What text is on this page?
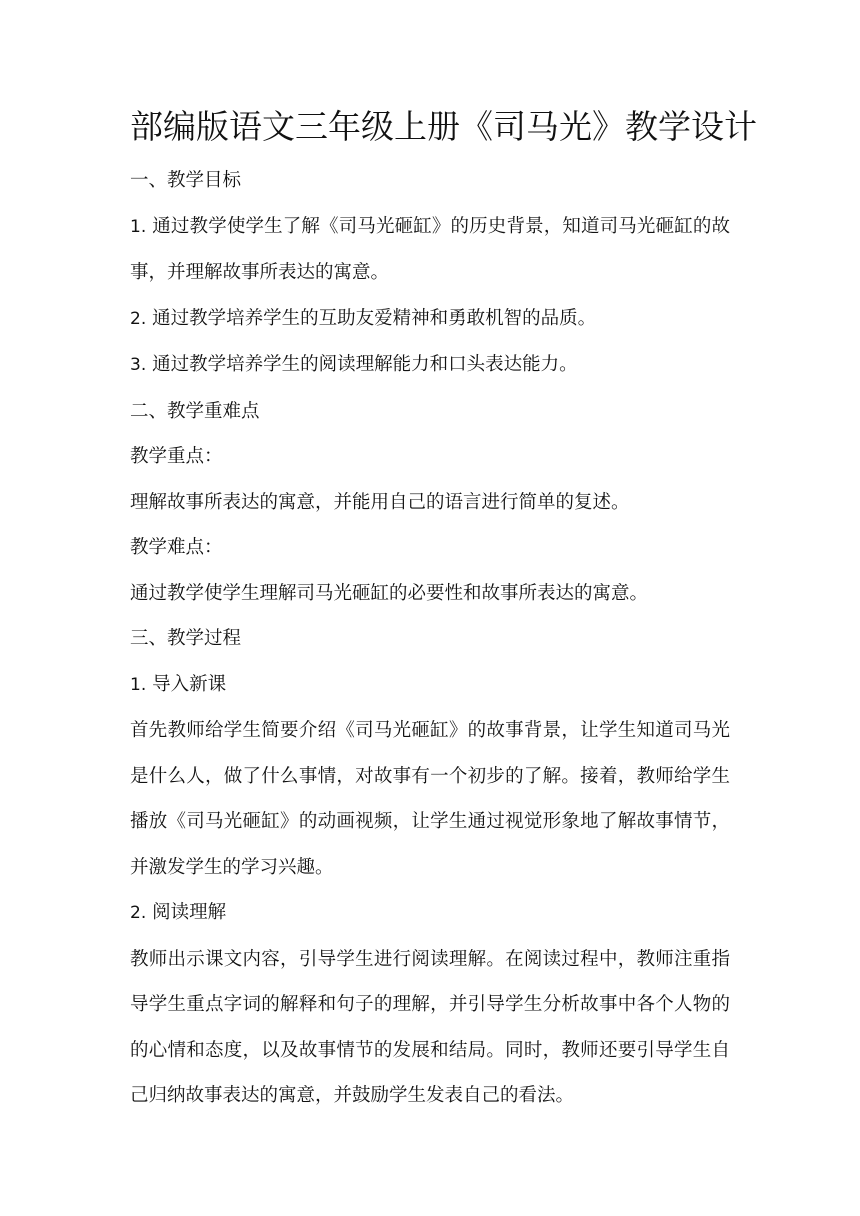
部编版语文三年级上册《司马光》教学设计

一、教学目标

1. 通过教学使学生了解《司马光砸缸》的历史背景，知道司马光砸缸的故事，并理解故事所表达的寓意。

2. 通过教学培养学生的互助友爱精神和勇敢机智的品质。

3. 通过教学培养学生的阅读理解能力和口头表达能力。

二、教学重难点

教学重点：

理解故事所表达的寓意，并能用自己的语言进行简单的复述。

教学难点：

通过教学使学生理解司马光砸缸的必要性和故事所表达的寓意。

三、教学过程

1. 导入新课

首先教师给学生简要介绍《司马光砸缸》的故事背景，让学生知道司马光是什么人，做了什么事情，对故事有一个初步的了解。接着，教师给学生播放《司马光砸缸》的动画视频，让学生通过视觉形象地了解故事情节，并激发学生的学习兴趣。

2. 阅读理解

教师出示课文内容，引导学生进行阅读理解。在阅读过程中，教师注重指导学生重点字词的解释和句子的理解，并引导学生分析故事中各个人物的的心情和态度，以及故事情节的发展和结局。同时，教师还要引导学生自己归纳故事表达的寓意，并鼓励学生发表自己的看法。
